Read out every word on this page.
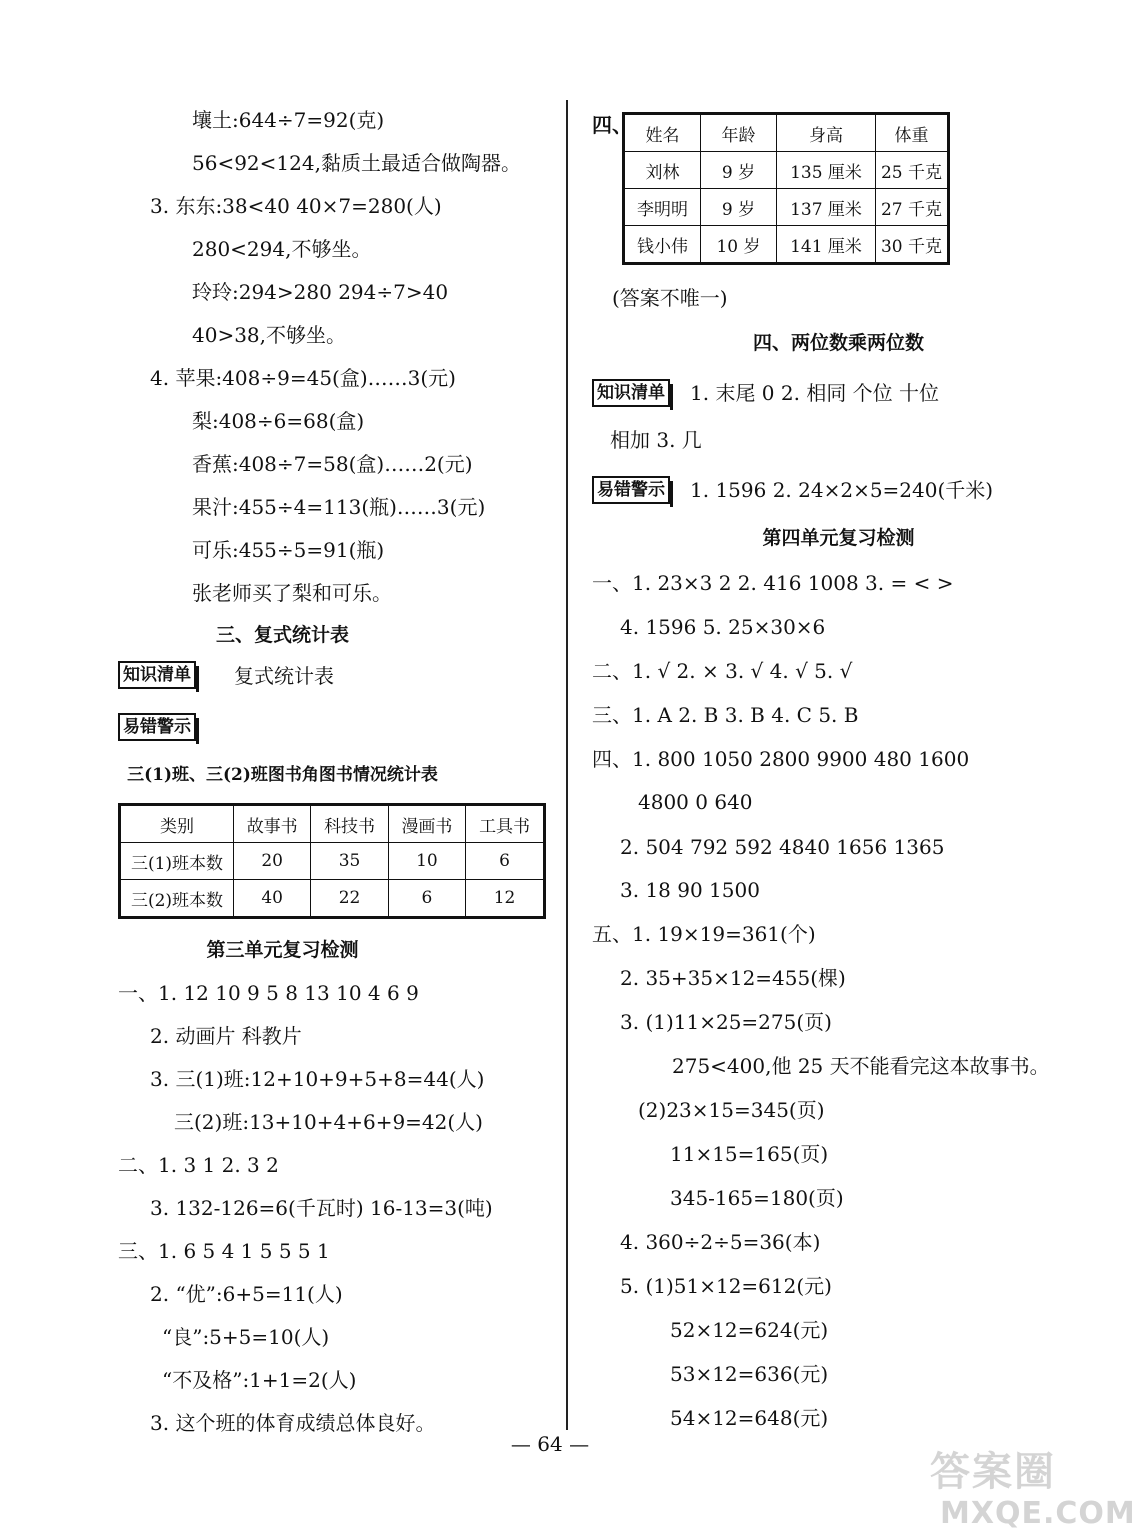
壤土:644÷7=92(克)
56<92<124,黏质土最适合做陶器。
3. 东东:38<40 40×7=280(人)
280<294,不够坐。
玲玲:294>280 294÷7>40
40>38,不够坐。
4. 苹果:408÷9=45(盒)……3(元)
梨:408÷6=68(盒)
香蕉:408÷7=58(盒)……2(元)
果汁:455÷4=113(瓶)……3(元)
可乐:455÷5=91(瓶)
张老师买了梨和可乐。
三、复式统计表
知识清单 复式统计表
易错警示
三(1)班、三(2)班图书角图书情况统计表
类别	故事书	科技书	漫画书	工具书
三(1)班本数	20	35	10	6
三(2)班本数	40	22	6	12
第三单元复习检测
一、1. 12 10 9 5 8 13 10 4 6 9
2. 动画片 科教片
3. 三(1)班:12+10+9+5+8=44(人)
三(2)班:13+10+4+6+9=42(人)
二、1. 3 1 2. 3 2
3. 132-126=6(千瓦时) 16-13=3(吨)
三、1. 6 5 4 1 5 5 5 1
2. “优”:6+5=11(人)
“良”:5+5=10(人)
“不及格”:1+1=2(人)
3. 这个班的体育成绩总体良好。
四、 姓名	年龄	身高	体重
刘林	9 岁	135 厘米	25 千克
李明明	9 岁	137 厘米	27 千克
钱小伟	10 岁	141 厘米	30 千克
(答案不唯一)
四、两位数乘两位数
知识清单 1. 末尾 0 2. 相同 个位 十位
相加 3. 几
易错警示 1. 1596 2. 24×2×5=240(千米)
第四单元复习检测
一、1. 23×3 2 2. 416 1008 3. = < >
4. 1596 5. 25×30×6
二、1. √ 2. × 3. √ 4. √ 5. √
三、1. A 2. B 3. B 4. C 5. B
四、1. 800 1050 2800 9900 480 1600
4800 0 640
2. 504 792 592 4840 1656 1365
3. 18 90 1500
五、1. 19×19=361(个)
2. 35+35×12=455(棵)
3. (1)11×25=275(页)
275<400,他 25 天不能看完这本故事书。
(2)23×15=345(页)
11×15=165(页)
345-165=180(页)
4. 360÷2÷5=36(本)
5. (1)51×12=612(元)
52×12=624(元)
53×12=636(元)
54×12=648(元)
— 64 —
答案圈
MXQE.COM
